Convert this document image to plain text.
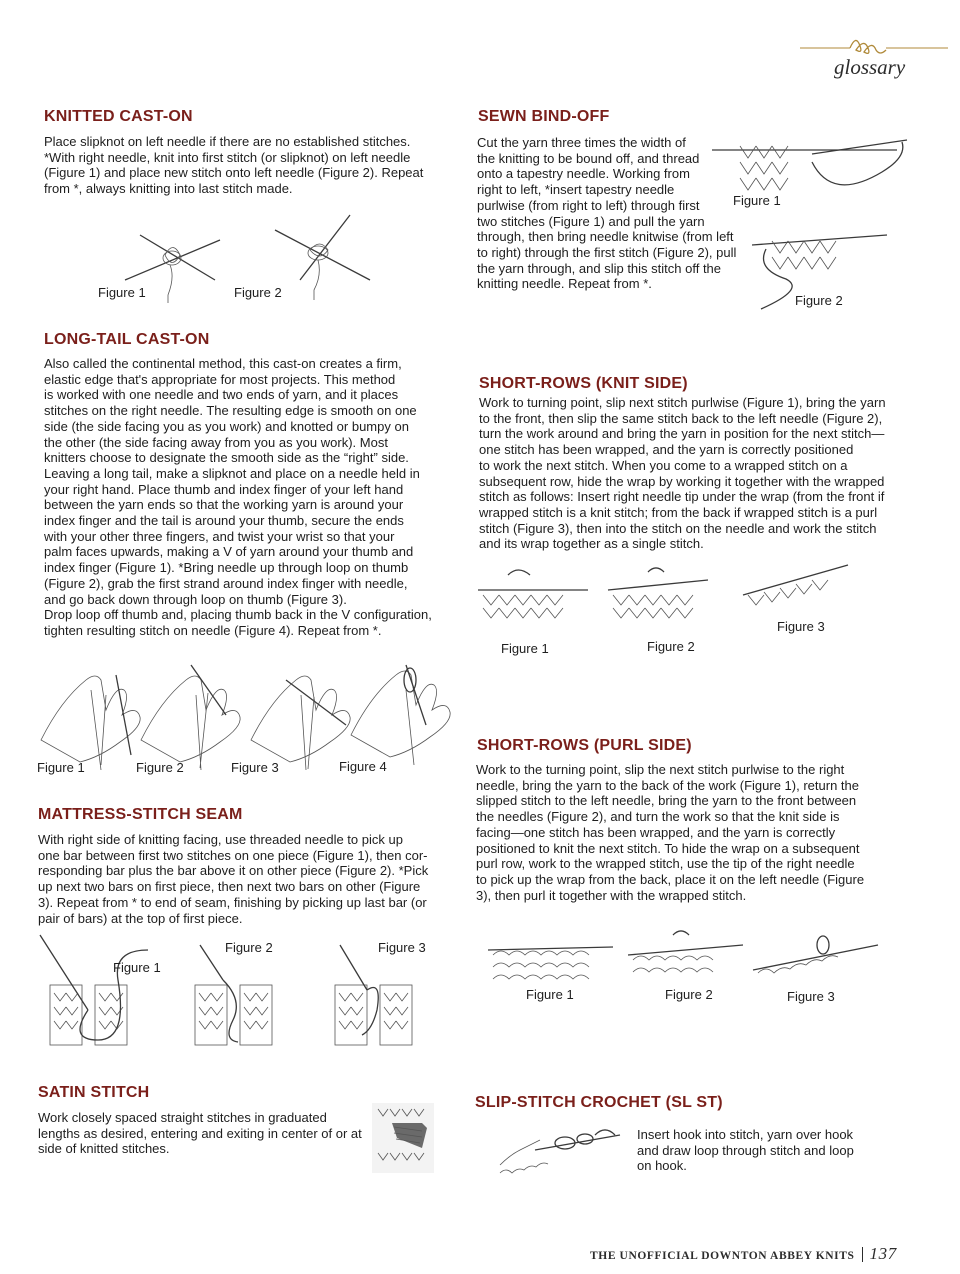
glossary
KNITTED CAST-ON
Place slipknot on left needle if there are no established stitches.
*With right needle, knit into first stitch (or slipknot) on left needle
(Figure 1) and place new stitch onto left needle (Figure 2). Repeat
from *, always knitting into last stitch made.
Figure 1	Figure 2
LONG-TAIL CAST-ON
Also called the continental method, this cast-on creates a firm,
elastic edge that's appropriate for most projects. This method
is worked with one needle and two ends of yarn, and it places
stitches on the right needle. The resulting edge is smooth on one
side (the side facing you as you work) and knotted or bumpy on
the other (the side facing away from you as you work). Most
knitters choose to designate the smooth side as the “right” side.
Leaving a long tail, make a slipknot and place on a needle held in
your right hand. Place thumb and index finger of your left hand
between the yarn ends so that the working yarn is around your
index finger and the tail is around your thumb, secure the ends
with your other three fingers, and twist your wrist so that your
palm faces upwards, making a V of yarn around your thumb and
index finger (Figure 1). *Bring needle up through loop on thumb
(Figure 2), grab the first strand around index finger with needle,
and go back down through loop on thumb (Figure 3).
Drop loop off thumb and, placing thumb back in the V configuration,
tighten resulting stitch on needle (Figure 4). Repeat from *.
Figure 1	Figure 2	Figure 3	Figure 4
MATTRESS-STITCH SEAM
With right side of knitting facing, use threaded needle to pick up
one bar between first two stitches on one piece (Figure 1), then cor-
responding bar plus the bar above it on other piece (Figure 2). *Pick
up next two bars on first piece, then next two bars on other (Figure
3). Repeat from * to end of seam, finishing by picking up last bar (or
pair of bars) at the top of first piece.
Figure 1
Figure 2	Figure 3
SATIN STITCH
Work closely spaced straight stitches in graduated
lengths as desired, entering and exiting in center of or at
side of knitted stitches.
SEWN BIND-OFF
Cut the yarn three times the width of
the knitting to be bound off, and thread
onto a tapestry needle. Working from
right to left, *insert tapestry needle
purlwise (from right to left) through first
two stitches (Figure 1) and pull the yarn
through, then bring needle knitwise (from left
to right) through the first stitch (Figure 2), pull
the yarn through, and slip this stitch off the
knitting needle. Repeat from *.
Figure 1
Figure 2
SHORT-ROWS (KNIT SIDE)
Work to turning point, slip next stitch purlwise (Figure 1), bring the yarn
to the front, then slip the same stitch back to the left needle (Figure 2),
turn the work around and bring the yarn in position for the next stitch—
one stitch has been wrapped, and the yarn is correctly positioned
to work the next stitch. When you come to a wrapped stitch on a
subsequent row, hide the wrap by working it together with the wrapped
stitch as follows: Insert right needle tip under the wrap (from the front if
wrapped stitch is a knit stitch; from the back if wrapped stitch is a purl
stitch (Figure 3), then into the stitch on the needle and work the stitch
and its wrap together as a single stitch.
Figure 1	Figure 2
Figure 3
SHORT-ROWS (PURL SIDE)
Work to the turning point, slip the next stitch purlwise to the right
needle, bring the yarn to the back of the work (Figure 1), return the
slipped stitch to the left needle, bring the yarn to the front between
the needles (Figure 2), and turn the work so that the knit side is
facing—one stitch has been wrapped, and the yarn is correctly
positioned to knit the next stitch. To hide the wrap on a subsequent
purl row, work to the wrapped stitch, use the tip of the right needle
to pick up the wrap from the back, place it on the left needle (Figure
3), then purl it together with the wrapped stitch.
Figure 1	Figure 2	Figure 3
SLIP-STITCH CROCHET (SL ST)
Insert hook into stitch, yarn over hook
and draw loop through stitch and loop
on hook.
THE UNOFFICIAL DOWNTON ABBEY KNITS 137
